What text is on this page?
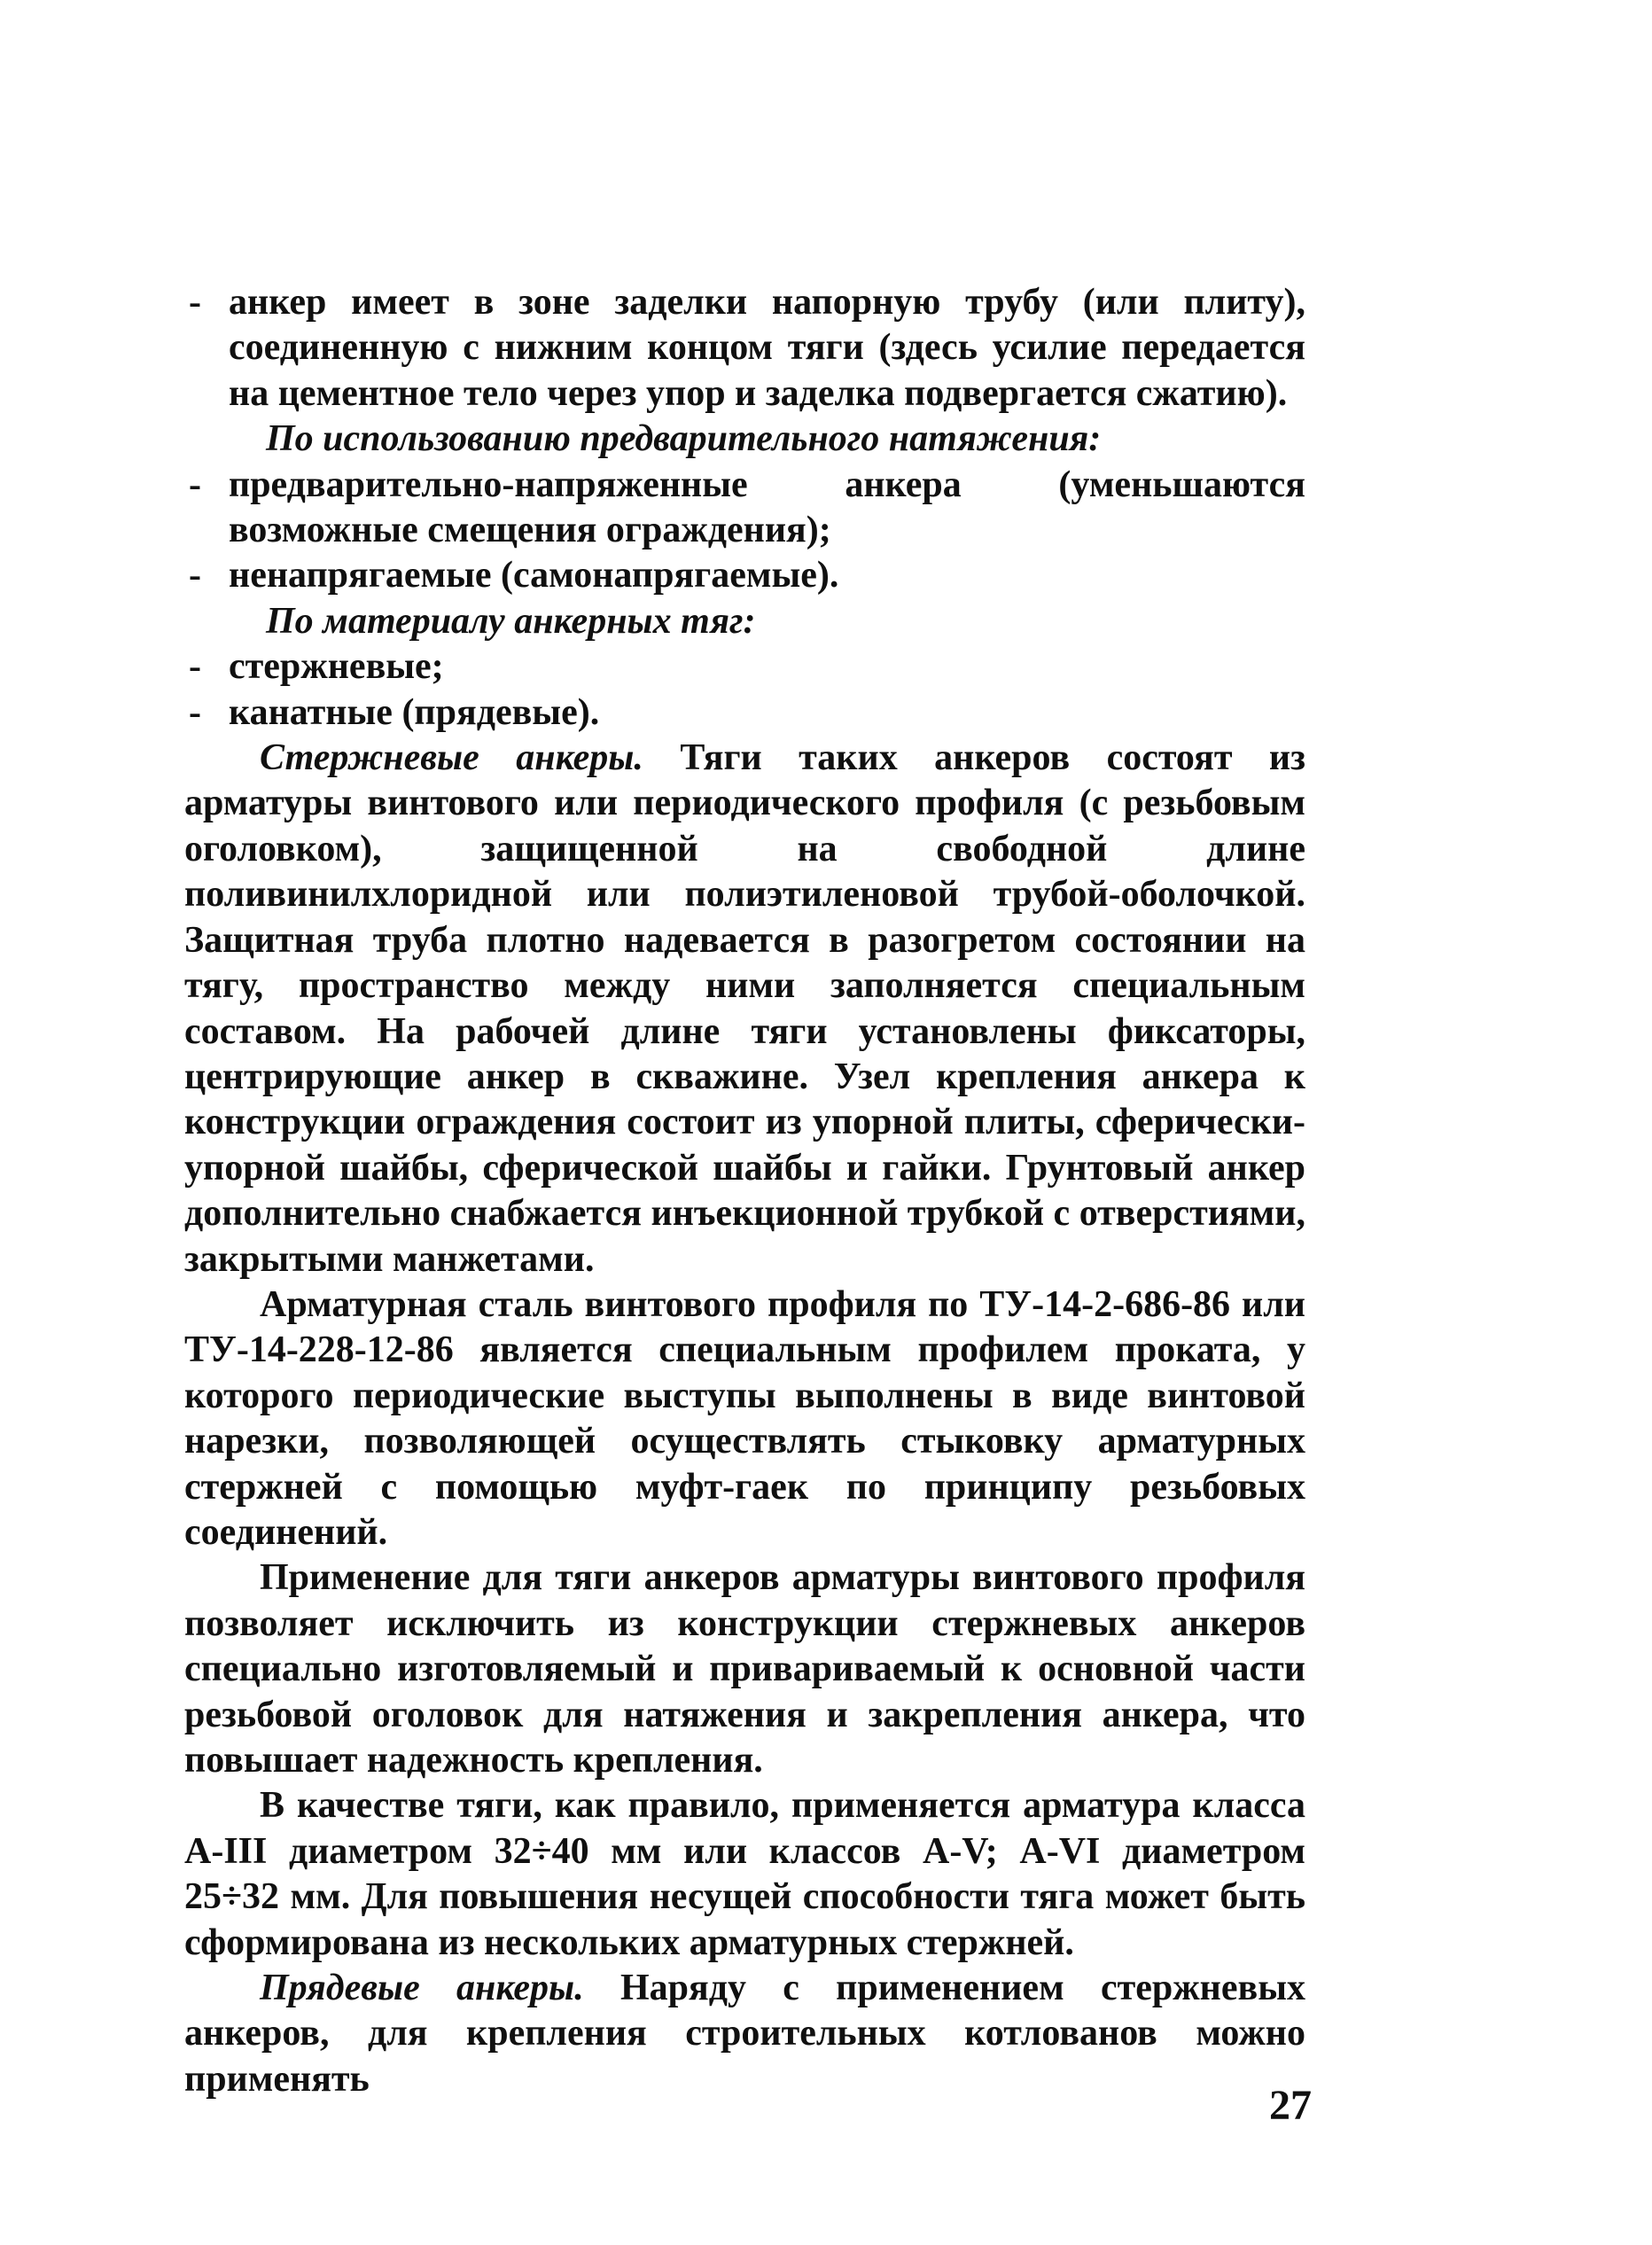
- анкер имеет в зоне заделки напорную трубу (или плиту), соединенную с нижним концом тяги (здесь усилие передается на цементное тело через упор и заделка подвергается сжатию).

По использованию предварительного натяжения:

- предварительно-напряженные анкера (уменьшаются возможные смещения ограждения);

- ненапрягаемые (самонапрягаемые).

По материалу анкерных тяг:

- стержневые;

- канатные (прядевые).

Стержневые анкеры. Тяги таких анкеров состоят из арматуры винтового или периодического профиля (с резьбовым оголовком), защищенной на свободной длине поливинилхлоридной или полиэтиленовой трубой-оболочкой. Защитная труба плотно надевается в разогретом состоянии на тягу, пространство между ними заполняется специальным составом. На рабочей длине тяги установлены фиксаторы, центрирующие анкер в скважине. Узел крепления анкера к конструкции ограждения состоит из упорной плиты, сферически-упорной шайбы, сферической шайбы и гайки. Грунтовый анкер дополнительно снабжается инъекционной трубкой с отверстиями, закрытыми манжетами.

Арматурная сталь винтового профиля по ТУ-14-2-686-86 или ТУ-14-228-12-86 является специальным профилем проката, у которого периодические выступы выполнены в виде винтовой нарезки, позволяющей осуществлять стыковку арматурных стержней с помощью муфт-гаек по принципу резьбовых соединений.

Применение для тяги анкеров арматуры винтового профиля позволяет исключить из конструкции стержневых анкеров специально изготовляемый и привариваемый к основной части резьбовой оголовок для натяжения и закрепления анкера, что повышает надежность крепления.

В качестве тяги, как правило, применяется арматура класса А-III диаметром 32÷40 мм или классов А-V; А-VI диаметром 25÷32 мм. Для повышения несущей способности тяга может быть сформирована из нескольких арматурных стержней.

Прядевые анкеры. Наряду с применением стержневых анкеров, для крепления строительных котлованов можно применять

27
